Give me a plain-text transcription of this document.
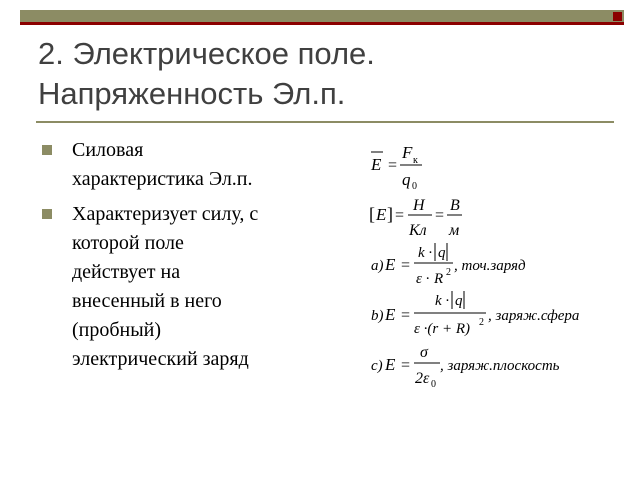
2. Электрическое поле.
Напряженность Эл.п.
Силовая
характеристика Эл.п.
Характеризует силу, с
которой поле
действует на
внесенный в него
(пробный)
электрический заряд
E =
F к
q 0
[ E ] =
Н
Кл
=
В
м
а) E =
k · q
ε · R 2 , точ.заряд
b) E =
k · q
ε ·(r + R) 2 , заряж.сфера
c) E =
σ
2ε 0
, заряж.плоскость
